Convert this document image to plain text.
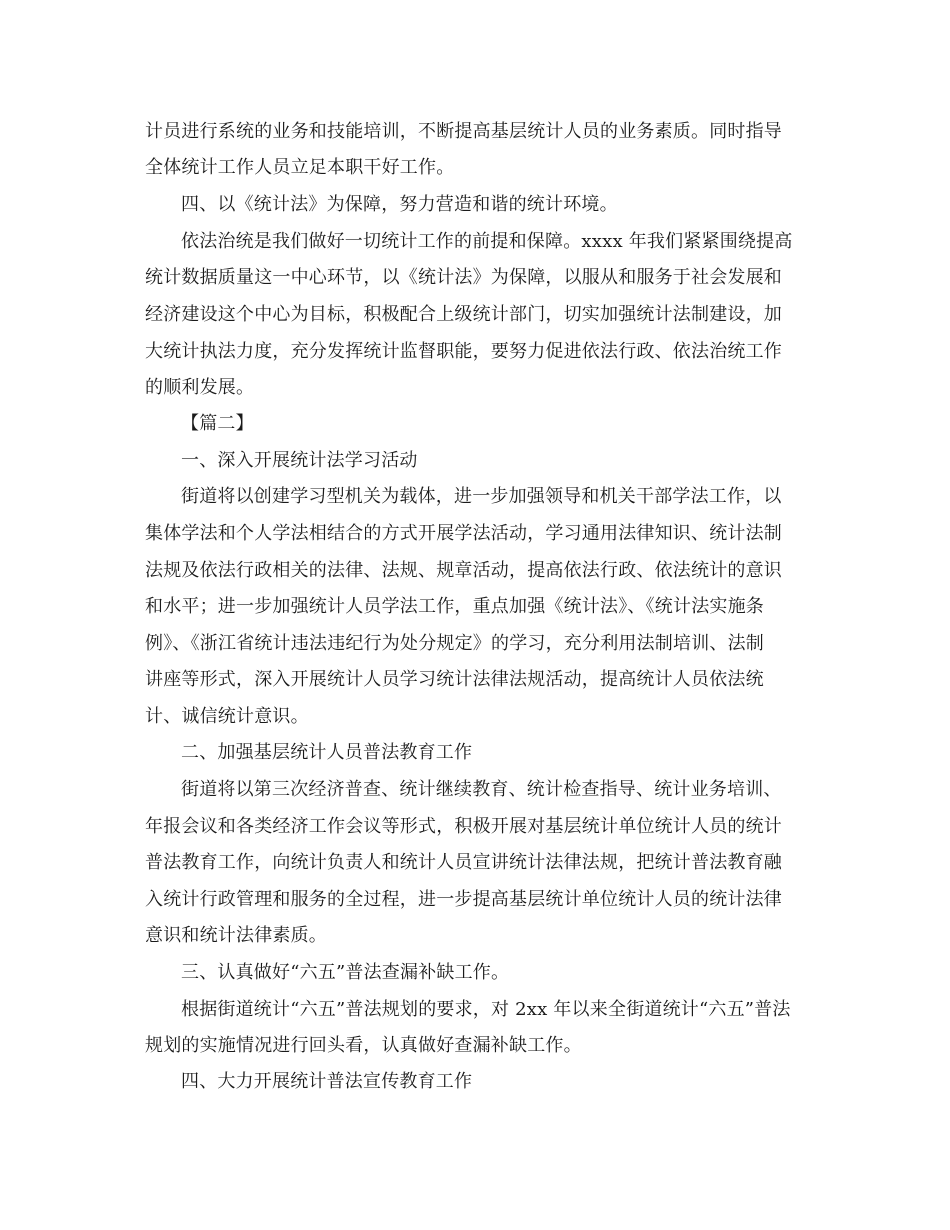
计员进行系统的业务和技能培训，不断提高基层统计人员的业务素质。同时指导
全体统计工作人员立足本职干好工作。
四、以《统计法》为保障，努力营造和谐的统计环境。
依法治统是我们做好一切统计工作的前提和保障。xxxx 年我们紧紧围绕提高
统计数据质量这一中心环节，以《统计法》为保障，以服从和服务于社会发展和
经济建设这个中心为目标，积极配合上级统计部门，切实加强统计法制建设，加
大统计执法力度，充分发挥统计监督职能，要努力促进依法行政、依法治统工作
的顺利发展。
【篇二】
一、深入开展统计法学习活动
街道将以创建学习型机关为载体，进一步加强领导和机关干部学法工作，以
集体学法和个人学法相结合的方式开展学法活动，学习通用法律知识、统计法制
法规及依法行政相关的法律、法规、规章活动，提高依法行政、依法统计的意识
和水平；进一步加强统计人员学法工作，重点加强《统计法》、《统计法实施条
例》、《浙江省统计违法违纪行为处分规定》的学习，充分利用法制培训、法制
讲座等形式，深入开展统计人员学习统计法律法规活动，提高统计人员依法统
计、诚信统计意识。
二、加强基层统计人员普法教育工作
街道将以第三次经济普查、统计继续教育、统计检查指导、统计业务培训、
年报会议和各类经济工作会议等形式，积极开展对基层统计单位统计人员的统计
普法教育工作，向统计负责人和统计人员宣讲统计法律法规，把统计普法教育融
入统计行政管理和服务的全过程，进一步提高基层统计单位统计人员的统计法律
意识和统计法律素质。
三、认真做好“六五”普法查漏补缺工作。
根据街道统计“六五”普法规划的要求，对 2xx 年以来全街道统计“六五”普法
规划的实施情况进行回头看，认真做好查漏补缺工作。
四、大力开展统计普法宣传教育工作
